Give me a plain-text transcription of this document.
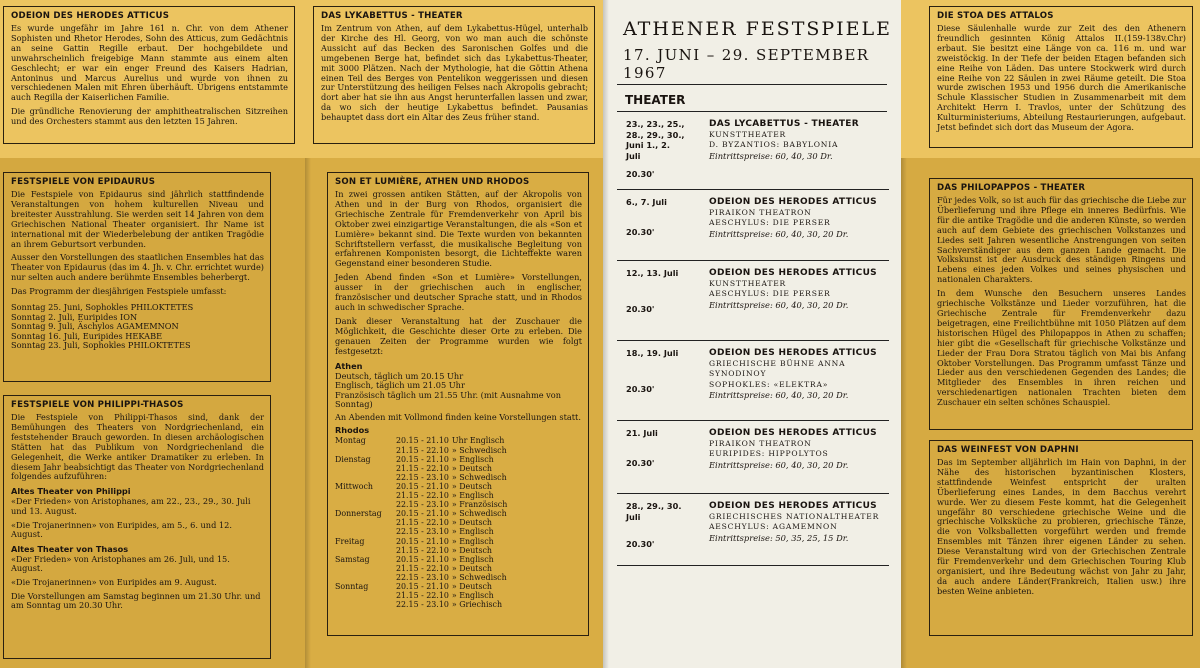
ODEION DES HERODES ATTICUS

Es wurde ungefähr im Jahre 161 n. Chr. von dem Athener Sophisten und Rhetor Herodes, Sohn des Atticus, zum Gedächtnis an seine Gattin Regille erbaut. Der hochgebildete und unwahrscheinlich freigebige Mann stammte aus einem alten Geschlecht; er war ein enger Freund des Kaisers Hadrian, Antoninus und Marcus Aurelius und wurde von ihnen zu verschiedenen Malen mit Ehren überhäuft. Übrigens entstammte auch Regilla der Kaiserlichen Familie.

Die gründliche Renovierung der amphitheatralischen Sitzreihen und des Orchesters stammt aus den letzten 15 Jahren.

FESTSPIELE VON EPIDAURUS

Die Festspiele von Epidaurus sind jährlich stattfindende Veranstaltungen von hohem kulturellen Niveau und breitester Ausstrahlung. Sie werden seit 14 Jahren von dem Griechischen National Theater organisiert. Ihr Name ist international mit der Wiederbelebung der antiken Tragödie an ihrem Geburtsort verbunden.

Ausser den Vorstellungen des staatlichen Ensembles hat das Theater von Epidaurus (das im 4. Jh. v. Chr. errichtet wurde) nur selten auch andere berühmte Ensembles beherbergt.

Das Programm der diesjährigen Festspiele umfasst:

Sonntag 25. Juni, Sophokles PHILOKTETES
Sonntag 2. Juli, Euripides ION
Sonntag 9. Juli, Äschylos AGAMEMNON
Sonntag 16. Juli, Euripides HEKABE
Sonntag 23. Juli, Sophokles PHILOKTETES
FESTSPIELE VON PHILIPPI-THASOS

Die Festspiele von Philippi-Thasos sind, dank der Bemühungen des Theaters von Nordgriechenland, ein feststehender Brauch geworden. In diesen archäologischen Stätten hat das Publikum von Nordgriechenland die Gelegenheit, die Werke antiker Dramatiker zu erleben. In diesem Jahr beabsichtigt das Theater von Nordgriechenland folgendes aufzuführen:

Altes Theater von Philippi
«Der Frieden» von Aristophanes, am 22., 23., 29., 30. Juli und 13. August.
«Die Trojanerinnen» von Euripides, am 5., 6. und 12. August.
Altes Theater von Thasos
«Der Frieden» von Aristophanes am 26. Juli, und 15. August.
«Die Trojanerinnen» von Euripides am 9. August.
Die Vorstellungen am Samstag beginnen um 21.30 Uhr. und am Sonntag um 20.30 Uhr.
DAS LYKABETTUS - THEATER

Im Zentrum von Athen, auf dem Lykabettus-Hügel, unterhalb der Kirche des Hl. Georg, von wo man auch die schönste Aussicht auf das Becken des Saronischen Golfes und die umgebenen Berge hat, befindet sich das Lykabettus-Theater, mit 3000 Plätzen. Nach der Mythologie, hat die Göttin Athena einen Teil des Berges von Pentelikon weggerissen und diesen zur Unterstützung des heiligen Felses nach Akropolis gebracht; dort aber hat sie ihn aus Angst herunterfallen lassen und zwar, da wo sich der heutige Lykabettus befindet. Pausanias behauptet dass dort ein Altar des Zeus früher stand.

SON ET LUMIÈRE, ATHEN UND RHODOS

In zwei grossen antiken Stätten, auf der Akropolis von Athen und in der Burg von Rhodos, organisiert die Griechische Zentrale für Fremdenverkehr von April bis Oktober zwei einzigartige Veranstaltungen, die als «Son et Lumière» bekannt sind. Die Texte wurden von bekannten Schriftstellern verfasst, die musikalische Begleitung von erfahrenen Komponisten besorgt, die Lichteffekte waren Gegenstand einer besonderen Studie.

Jeden Abend finden «Son et Lumière» Vorstellungen, ausser in der griechischen auch in englischer, französischer und deutscher Sprache statt, und in Rhodos auch in schwedischer Sprache.

Dank dieser Veranstaltung hat der Zuschauer die Möglichkeit, die Geschichte dieser Orte zu erleben. Die genauen Zeiten der Programme wurden wie folgt festgesetzt:

Athen
Deutsch, täglich um 20.15 Uhr
Englisch, täglich um 21.05 Uhr
Französisch täglich um 21.55 Uhr. (mit Ausnahme von Sonntag)
An Abenden mit Vollmond finden keine Vorstellungen statt.
Rhodos
Montag	20.15 - 21.10	Uhr Englisch
	21.15 - 22.10	» Schwedisch
Dienstag	20.15 - 21.10	» Englisch
	21.15 - 22.10	» Deutsch
	22.15 - 23.10	» Schwedisch
Mittwoch	20.15 - 21.10	» Deutsch
	21.15 - 22.10	» Englisch
	22.15 - 23.10	» Französisch
Donnerstag	20.15 - 21.10	» Schwedisch
	21.15 - 22.10	» Deutsch
	22.15 - 23.10	» Englisch
Freitag	20.15 - 21.10	» Englisch
	21.15 - 22.10	» Deutsch
Samstag	20.15 - 21.10	» Englisch
	21.15 - 22.10	» Deutsch
	22.15 - 23.10	» Schwedisch
Sonntag	20.15 - 21.10	» Deutsch
	21.15 - 22.10	» Englisch
	22.15 - 23.10	» Griechisch
ATHENER FESTSPIELE
17. JUNI – 29. SEPTEMBER 1967
THEATER
23., 23., 25., 28., 29., 30., Juni 1., 2. Juli
20.30'
DAS LYCABETTUS - THEATER
KUNSTTHEATER
D. BYZANTIOS: BABYLONIA
Eintrittspreise: 60, 40, 30 Dr.
6., 7. Juli
20.30'
ODEION DES HERODES ATTICUS
PIRAIKON THEATRON
AESCHYLUS: DIE PERSER
Eintrittspreise: 60, 40, 30, 20 Dr.
12., 13. Juli
20.30'
ODEION DES HERODES ATTICUS
KUNSTTHEATER
AESCHYLUS: DIE PERSER
Eintrittspreise: 60, 40, 30, 20 Dr.
18., 19. Juli
20.30'
ODEION DES HERODES ATTICUS
GRIECHISCHE BÜHNE ANNA SYNODINOY
SOPHOKLES: «ELEKTRA»
Eintrittspreise: 60, 40, 30, 20 Dr.
21. Juli
20.30'
ODEION DES HERODES ATTICUS
PIRAIKON THEATRON
EURIPIDES: HIPPOLYTOS
Eintrittspreise: 60, 40, 30, 20 Dr.
28., 29., 30. Juli
20.30'
ODEION DES HERODES ATTICUS
GRIECHISCHES NATIONALTHEATER
AESCHYLUS: AGAMEMNON
Eintrittspreise: 50, 35, 25, 15 Dr.
DIE STOA DES ATTALOS

Diese Säulenhalle wurde zur Zeit des den Athenern freundlich gesinnten König Attalos II.(159-138v.Chr) erbaut. Sie besitzt eine Länge von ca. 116 m. und war zweistöckig. In der Tiefe der beiden Etagen befanden sich eine Reihe von Läden. Das untere Stockwerk wird durch eine Reihe von 22 Säulen in zwei Räume geteilt. Die Stoa wurde zwischen 1953 und 1956 durch die Amerikanische Schule Klassischer Studien in Zusammenarbeit mit dem Architekt Herrn I. Travlos, unter der Schützung des Kulturministeriums, Abteilung Restaurierungen, aufgebaut. Jetst befindet sich dort das Museum der Agora.

DAS PHILOPAPPOS - THEATER

Für jedes Volk, so ist auch für das griechische die Liebe zur Überlieferung und ihre Pflege ein inneres Bedürfnis. Wie für die antike Tragödie und die anderen Künste, so werden auch auf dem Gebiete des griechischen Volkstanzes und Liedes seit Jahren wesentliche Anstrengungen von seiten Sachverständiger aus dem ganzen Lande gemacht. Die Volkskunst ist der Ausdruck des ständigen Ringens und Lebens eines jeden Volkes und seines physischen und nationalen Charakters.

In dem Wunsche den Besuchern unseres Landes griechische Volkstänze und Lieder vorzuführen, hat die Griechische Zentrale für Fremdenverkehr dazu beigetragen, eine Freilichtbühne mit 1050 Plätzen auf dem historischen Hügel des Philopappos in Athen zu schaffen; hier gibt die «Gesellschaft für griechische Volkstänze und Lieder der Frau Dora Stratou täglich von Mai bis Anfang Oktober Vorstellungen. Das Programm umfasst Tänze und Lieder aus den verschiedenen Gegenden des Landes; die Mitglieder des Ensembles in ihren reichen und verschiedenartigen nationalen Trachten bieten dem Zuschauer ein selten schönes Schauspiel.

DAS WEINFEST VON DAPHNI

Das im September alljährlich im Hain von Daphni, in der Nähe des historischen byzantinischen Klosters, stattfindende Weinfest entspricht der uralten Überlieferung eines Landes, in dem Bacchus verehrt wurde. Wer zu diesem Feste kommt, hat die Gelegenheit ungefähr 80 verschiedene griechische Weine und die griechische Volksküche zu probieren, griechische Tänze, die von Volksballetten vorgeführt werden und fremde Ensembles mit Tänzen ihrer eigenen Länder zu sehen. Diese Veranstaltung wird von der Griechischen Zentrale für Fremdenverkehr und dem Griechischen Touring Klub organisiert, und ihre Bedeutung wächst von Jahr zu Jahr, da auch andere Länder(Frankreich, Italien usw.) ihre besten Weine anbieten.
